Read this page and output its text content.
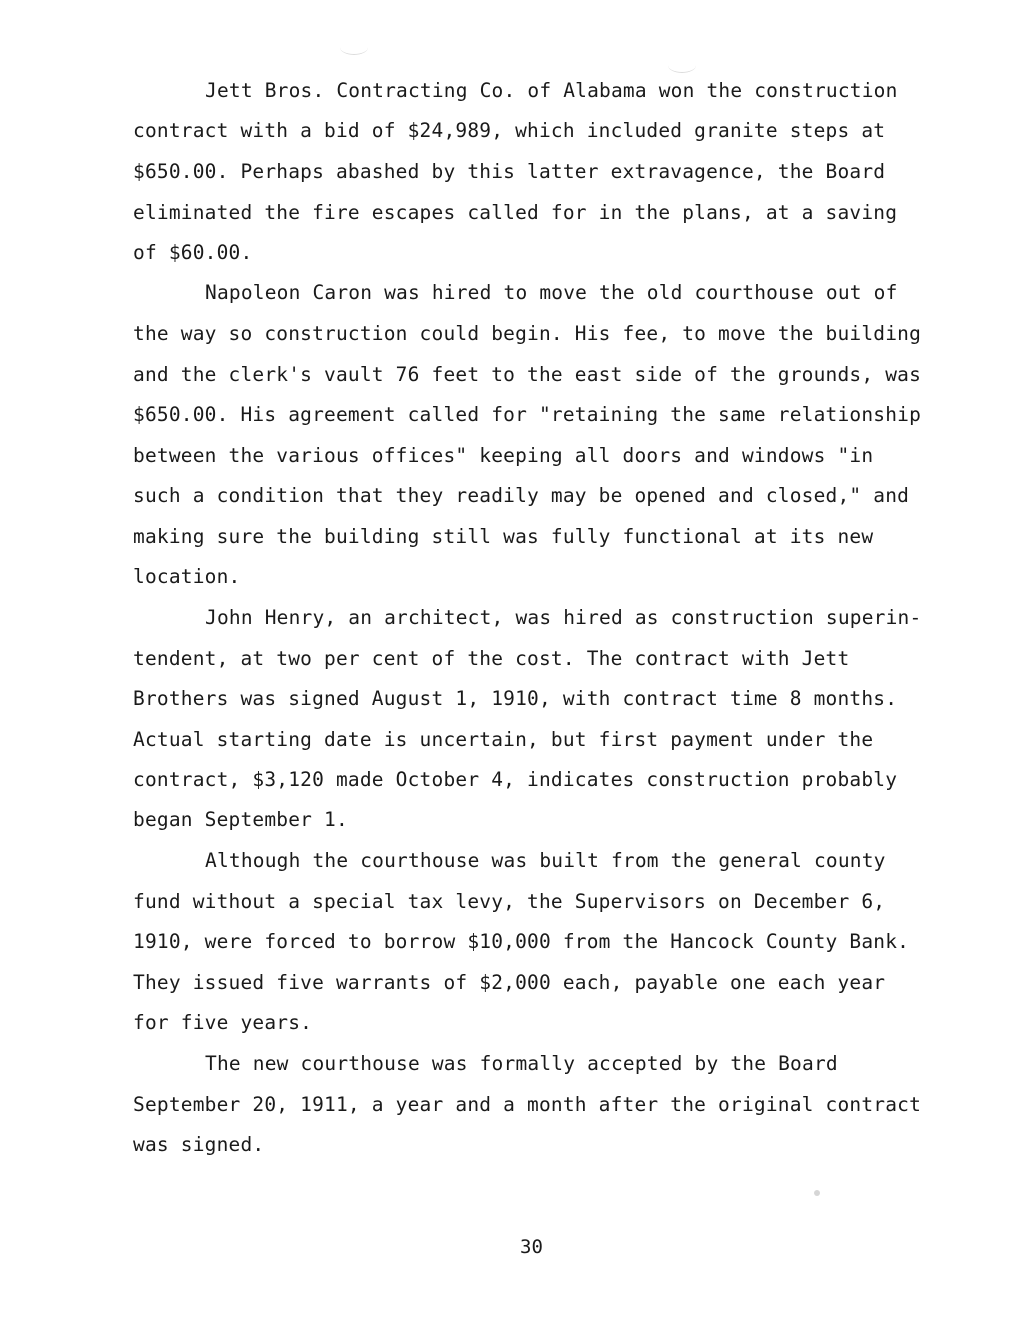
Jett Bros. Contracting Co. of Alabama won the construction
contract with a bid of $24,989, which included granite steps at
$650.00. Perhaps abashed by this latter extravagence, the Board
eliminated the fire escapes called for in the plans, at a saving
of $60.00.
Napoleon Caron was hired to move the old courthouse out of
the way so construction could begin. His fee, to move the building
and the clerk's vault 76 feet to the east side of the grounds, was
$650.00. His agreement called for "retaining the same relationship
between the various offices" keeping all doors and windows "in
such a condition that they readily may be opened and closed," and
making sure the building still was fully functional at its new
location.
John Henry, an architect, was hired as construction superin-
tendent, at two per cent of the cost. The contract with Jett
Brothers was signed August 1, 1910, with contract time 8 months.
Actual starting date is uncertain, but first payment under the
contract, $3,120 made October 4, indicates construction probably
began September 1.
Although the courthouse was built from the general county
fund without a special tax levy, the Supervisors on December 6,
1910, were forced to borrow $10,000 from the Hancock County Bank.
They issued five warrants of $2,000 each, payable one each year
for five years.
The new courthouse was formally accepted by the Board
September 20, 1911, a year and a month after the original contract
was signed.
30
